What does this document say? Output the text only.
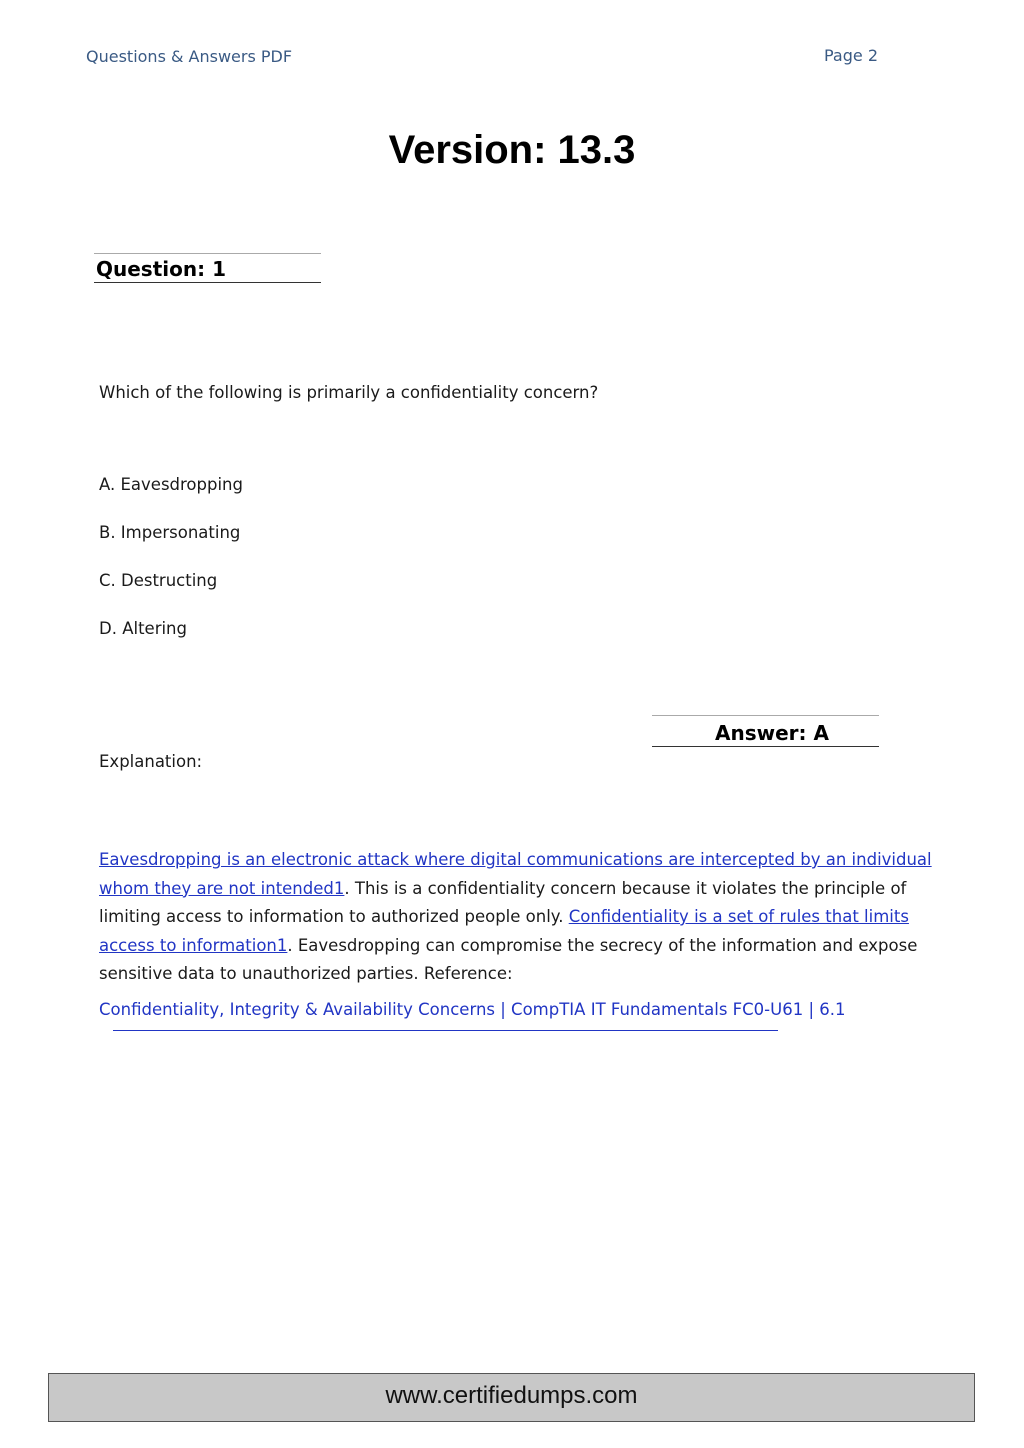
Questions & Answers PDF	Page 2
Version: 13.3
Question: 1
Which of the following is primarily a confidentiality concern?
A. Eavesdropping
B. Impersonating
C. Destructing
D. Altering
Answer: A
Explanation:
Eavesdropping is an electronic attack where digital communications are intercepted by an individual whom they are not intended1. This is a confidentiality concern because it violates the principle of limiting access to information to authorized people only. Confidentiality is a set of rules that limits access to information1. Eavesdropping can compromise the secrecy of the information and expose sensitive data to unauthorized parties. Reference:
Confidentiality, Integrity & Availability Concerns | CompTIA IT Fundamentals FC0-U61 | 6.1
www.certifiedumps.com
